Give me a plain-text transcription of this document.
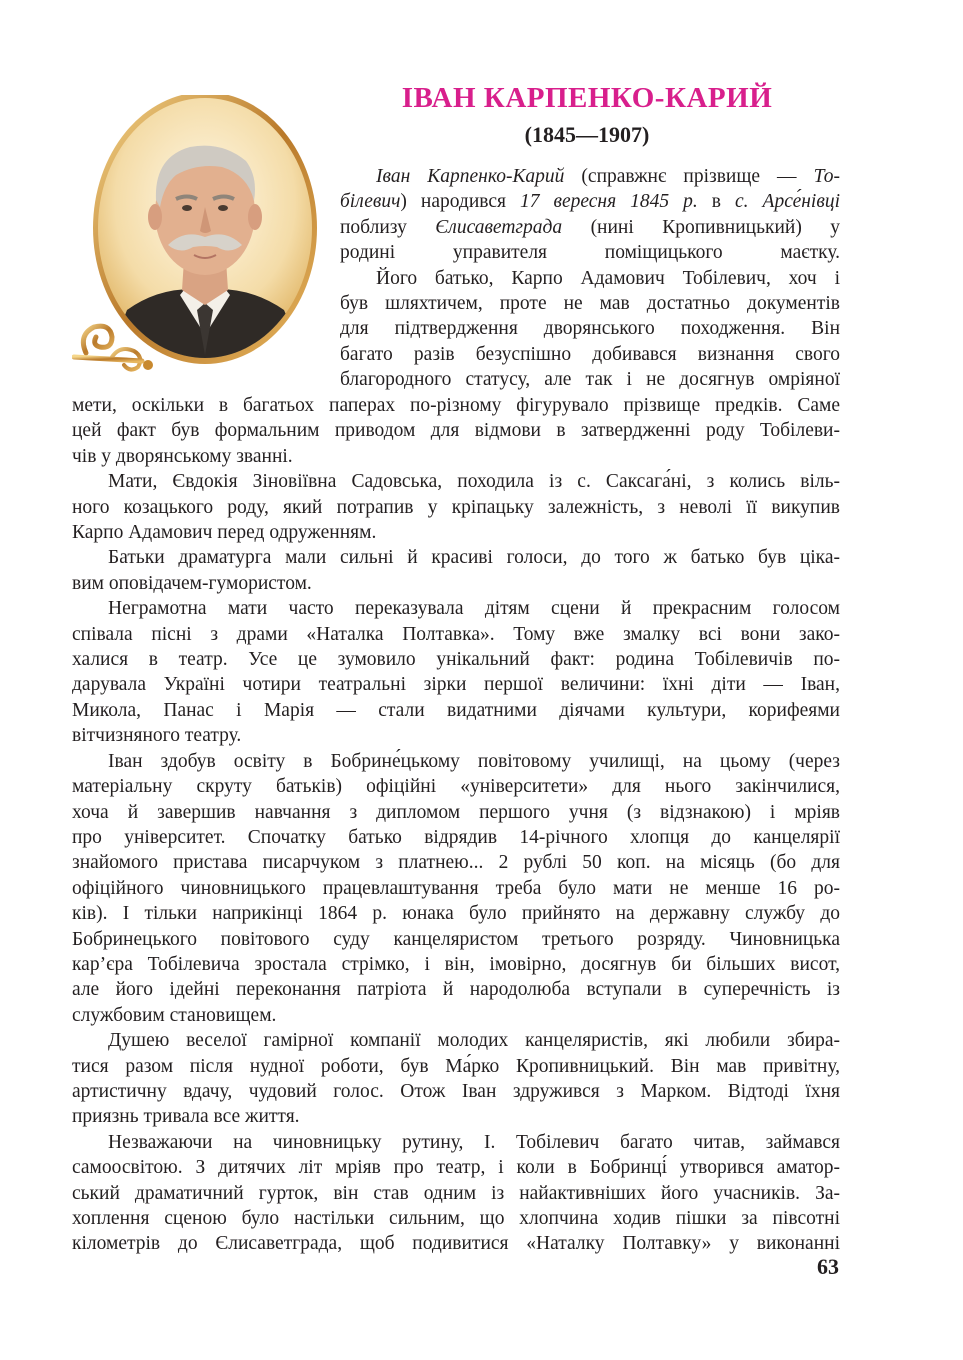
ІВАН КАРПЕНКО-КАРИЙ
(1845—1907)
Іван Карпенко-Карий (справжнє прізвище — То-
білевич) народився 17 вересня 1845 р. в с. Арсе́нівці
поблизу Єлисаветграда (нині Кропивницький) у
родині управителя поміщицького маєтку.
Його батько, Карпо Адамович Тобілевич, хоч і
був шляхтичем, проте не мав достатньо документів
для підтвердження дворянського походження. Він
багато разів безуспішно добивався визнання свого
благородного статусу, але так і не досягнув омріяної
мети, оскільки в багатьох паперах по-різному фігурувало прізвище предків. Саме
цей факт був формальним приводом для відмови в затвердженні роду Тобілеви-
чів у дворянському званні.
Мати, Євдокія Зіновіївна Садовська, походила із с. Саксага́ні, з колись віль-
ного козацького роду, який потрапив у кріпацьку залежність, з неволі її викупив
Карпо Адамович перед одруженням.
Батьки драматурга мали сильні й красиві голоси, до того ж батько був ціка-
вим оповідачем-гумористом.
Неграмотна мати часто переказувала дітям сцени й прекрасним голосом
співала пісні з драми «Наталка Полтавка». Тому вже змалку всі вони зако-
халися в театр. Усе це зумовило унікальний факт: родина Тобілевичів по-
дарувала Україні чотири театральні зірки першої величини: їхні діти — Іван,
Микола, Панас і Марія — стали видатними діячами культури, корифеями
вітчизняного театру.
Іван здобув освіту в Бобрине́цькому повітовому училищі, на цьому (через
матеріальну скруту батьків) офіційні «університети» для нього закінчилися,
хоча й завершив навчання з дипломом першого учня (з відзнакою) і мріяв
про університет. Спочатку батько відрядив 14-річного хлопця до канцелярії
знайомого пристава писарчуком з платнею... 2 рублі 50 коп. на місяць (бо для
офіційного чиновницького працевлаштування треба було мати не менше 16 ро-
ків). І тільки наприкінці 1864 р. юнака було прийнято на державну службу до
Бобринецького повітового суду канцеляристом третього розряду. Чиновницька
кар’єра Тобілевича зростала стрімко, і він, імовірно, досягнув би більших висот,
але його ідейні переконання патріота й народолюба вступали в суперечність із
службовим становищем.
Душею веселої гамірної компанії молодих канцеляристів, які любили збира-
тися разом після нудної роботи, був Ма́рко Кропивницький. Він мав привітну,
артистичну вдачу, чудовий голос. Отож Іван здружився з Марком. Відтоді їхня
приязнь тривала все життя.
Незважаючи на чиновницьку рутину, І. Тобілевич багато читав, займався
самоосвітою. З дитячих літ мріяв про театр, і коли в Бобринці́ утворився аматор-
ський драматичний гурток, він став одним із найактивніших його учасників. За-
хоплення сценою було настільки сильним, що хлопчина ходив пішки за півсотні
кілометрів до Єлисаветграда, щоб подивитися «Наталку Полтавку» у виконанні
63
